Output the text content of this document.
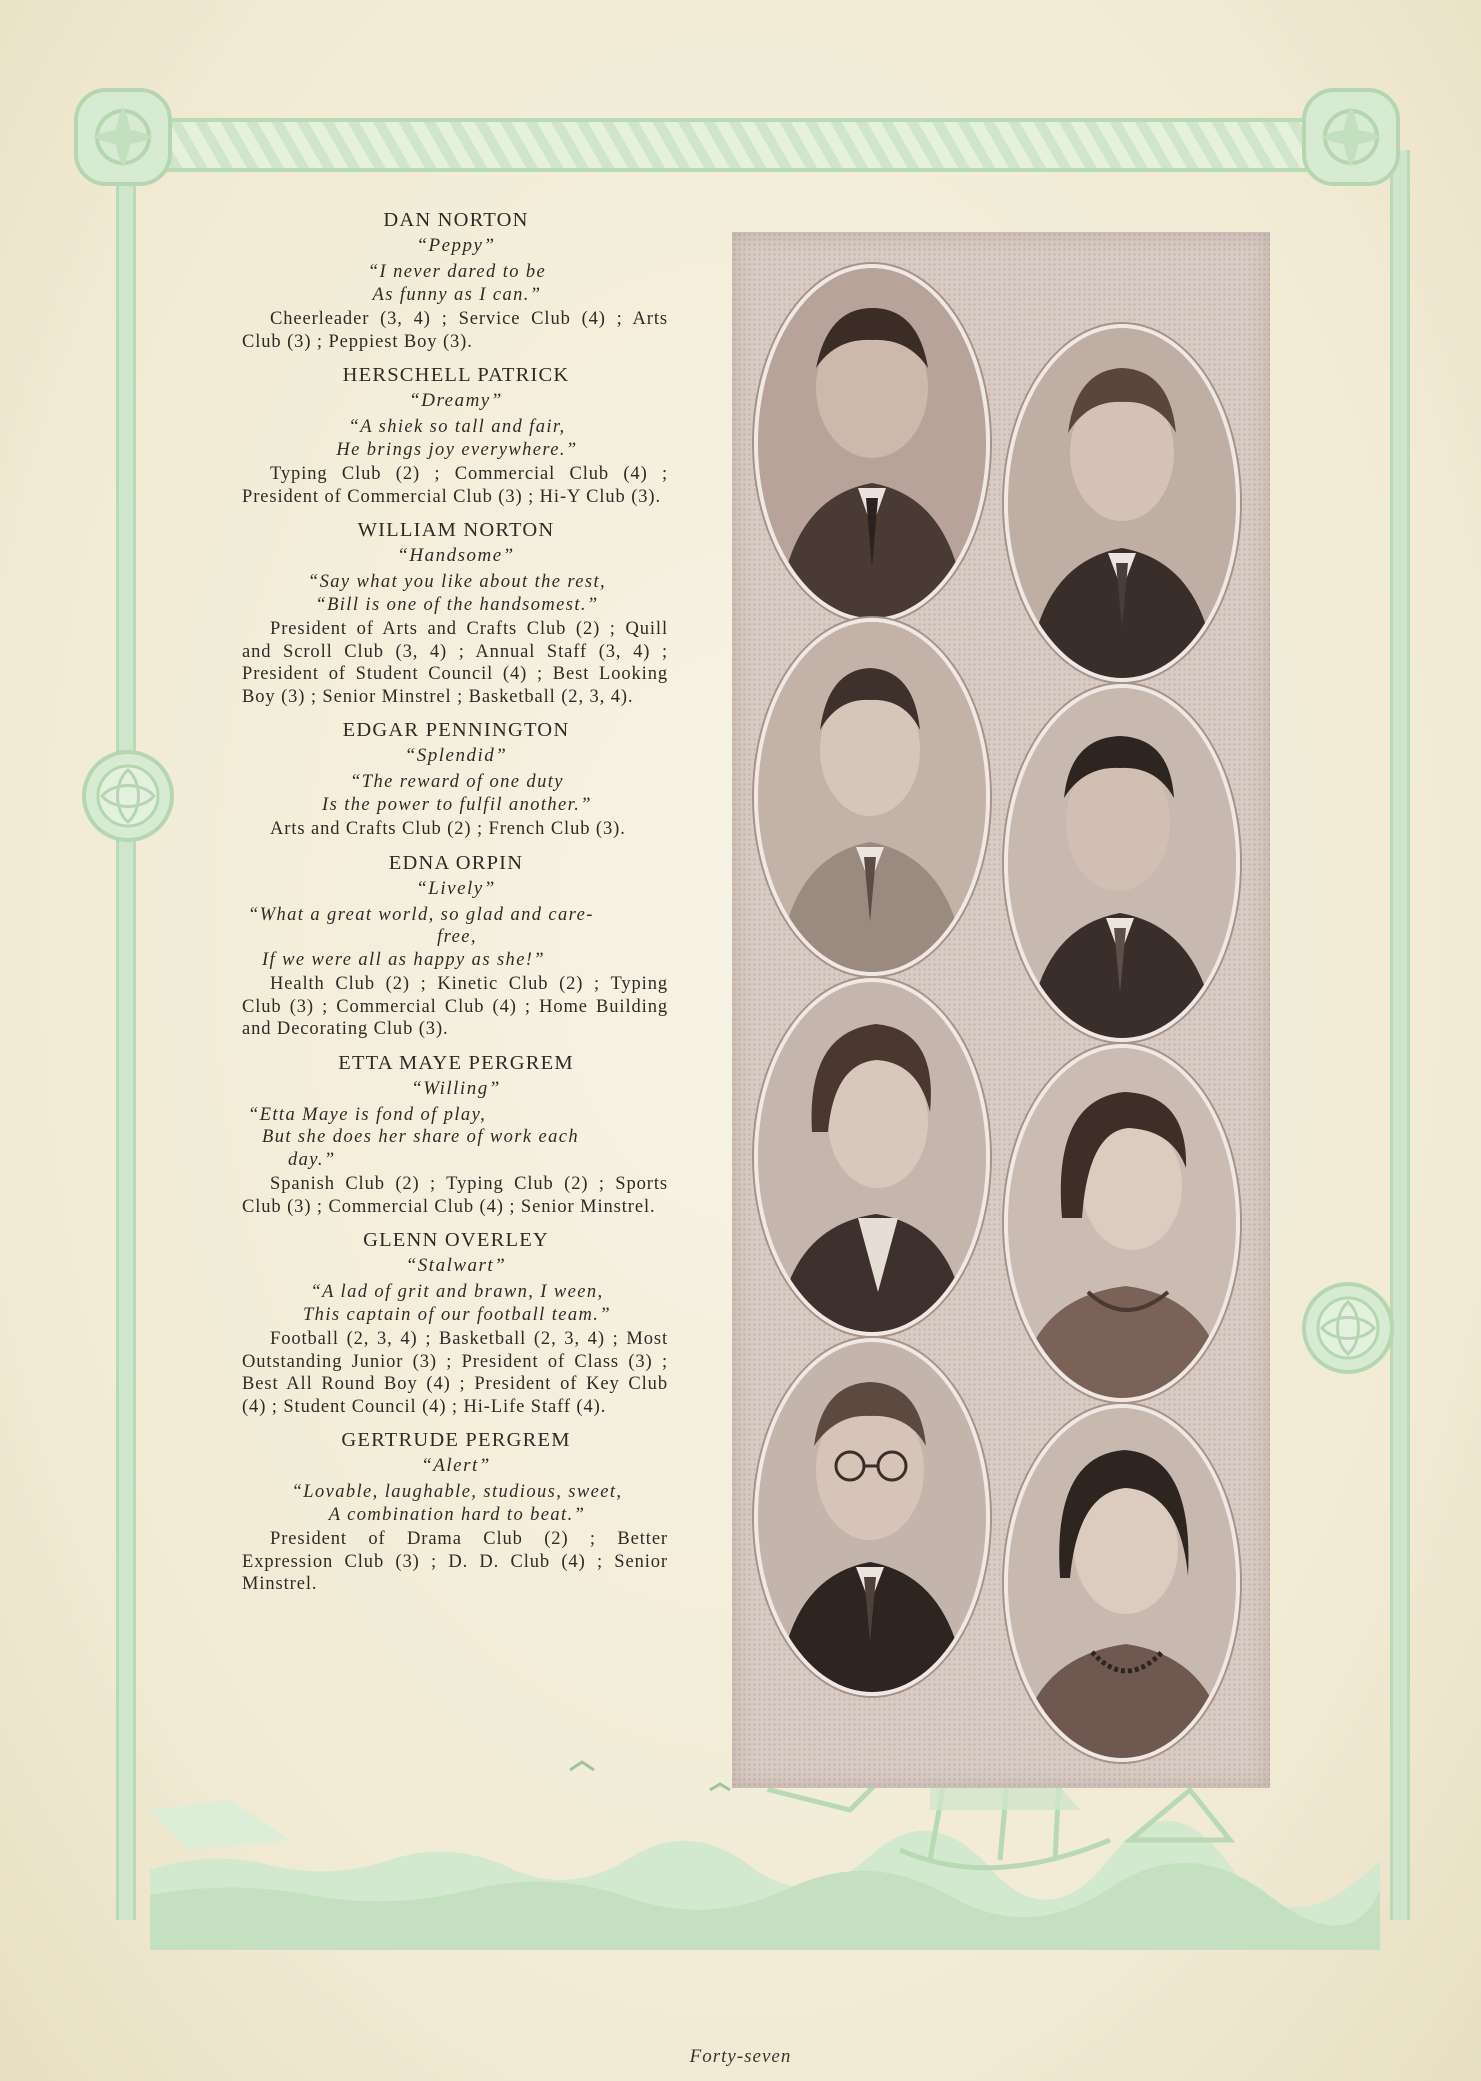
DAN NORTON
“Peppy”
“I never dared to be
As funny as I can.”
Cheerleader (3, 4) ; Service Club (4) ; Arts Club (3) ; Peppiest Boy (3).
HERSCHELL PATRICK
“Dreamy”
“A shiek so tall and fair,
He brings joy everywhere.”
Typing Club (2) ; Commercial Club (4) ; President of Commercial Club (3) ; Hi-Y Club (3).
WILLIAM NORTON
“Handsome”
“Say what you like about the rest,
“Bill is one of the handsomest.”
President of Arts and Crafts Club (2) ; Quill and Scroll Club (3, 4) ; Annual Staff (3, 4) ; President of Student Council (4) ; Best Looking Boy (3) ; Senior Minstrel ; Basketball (2, 3, 4).
EDGAR PENNINGTON
“Splendid”
“The reward of one duty
Is the power to fulfil another.”
Arts and Crafts Club (2) ; French Club (3).
EDNA ORPIN
“Lively”
“What a great world, so glad and care-
free,
If we were all as happy as she!”
Health Club (2) ; Kinetic Club (2) ; Typing Club (3) ; Commercial Club (4) ; Home Building and Decorating Club (3).
ETTA MAYE PERGREM
“Willing”
“Etta Maye is fond of play,
But she does her share of work each
day.”
Spanish Club (2) ; Typing Club (2) ; Sports Club (3) ; Commercial Club (4) ; Senior Minstrel.
GLENN OVERLEY
“Stalwart”
“A lad of grit and brawn, I ween,
This captain of our football team.”
Football (2, 3, 4) ; Basketball (2, 3, 4) ; Most Outstanding Junior (3) ; President of Class (3) ; Best All Round Boy (4) ; President of Key Club (4) ; Student Council (4) ; Hi-Life Staff (4).
GERTRUDE PERGREM
“Alert”
“Lovable, laughable, studious, sweet,
A combination hard to beat.”
President of Drama Club (2) ; Better Expression Club (3) ; D. D. Club (4) ; Senior Minstrel.
Forty-seven
